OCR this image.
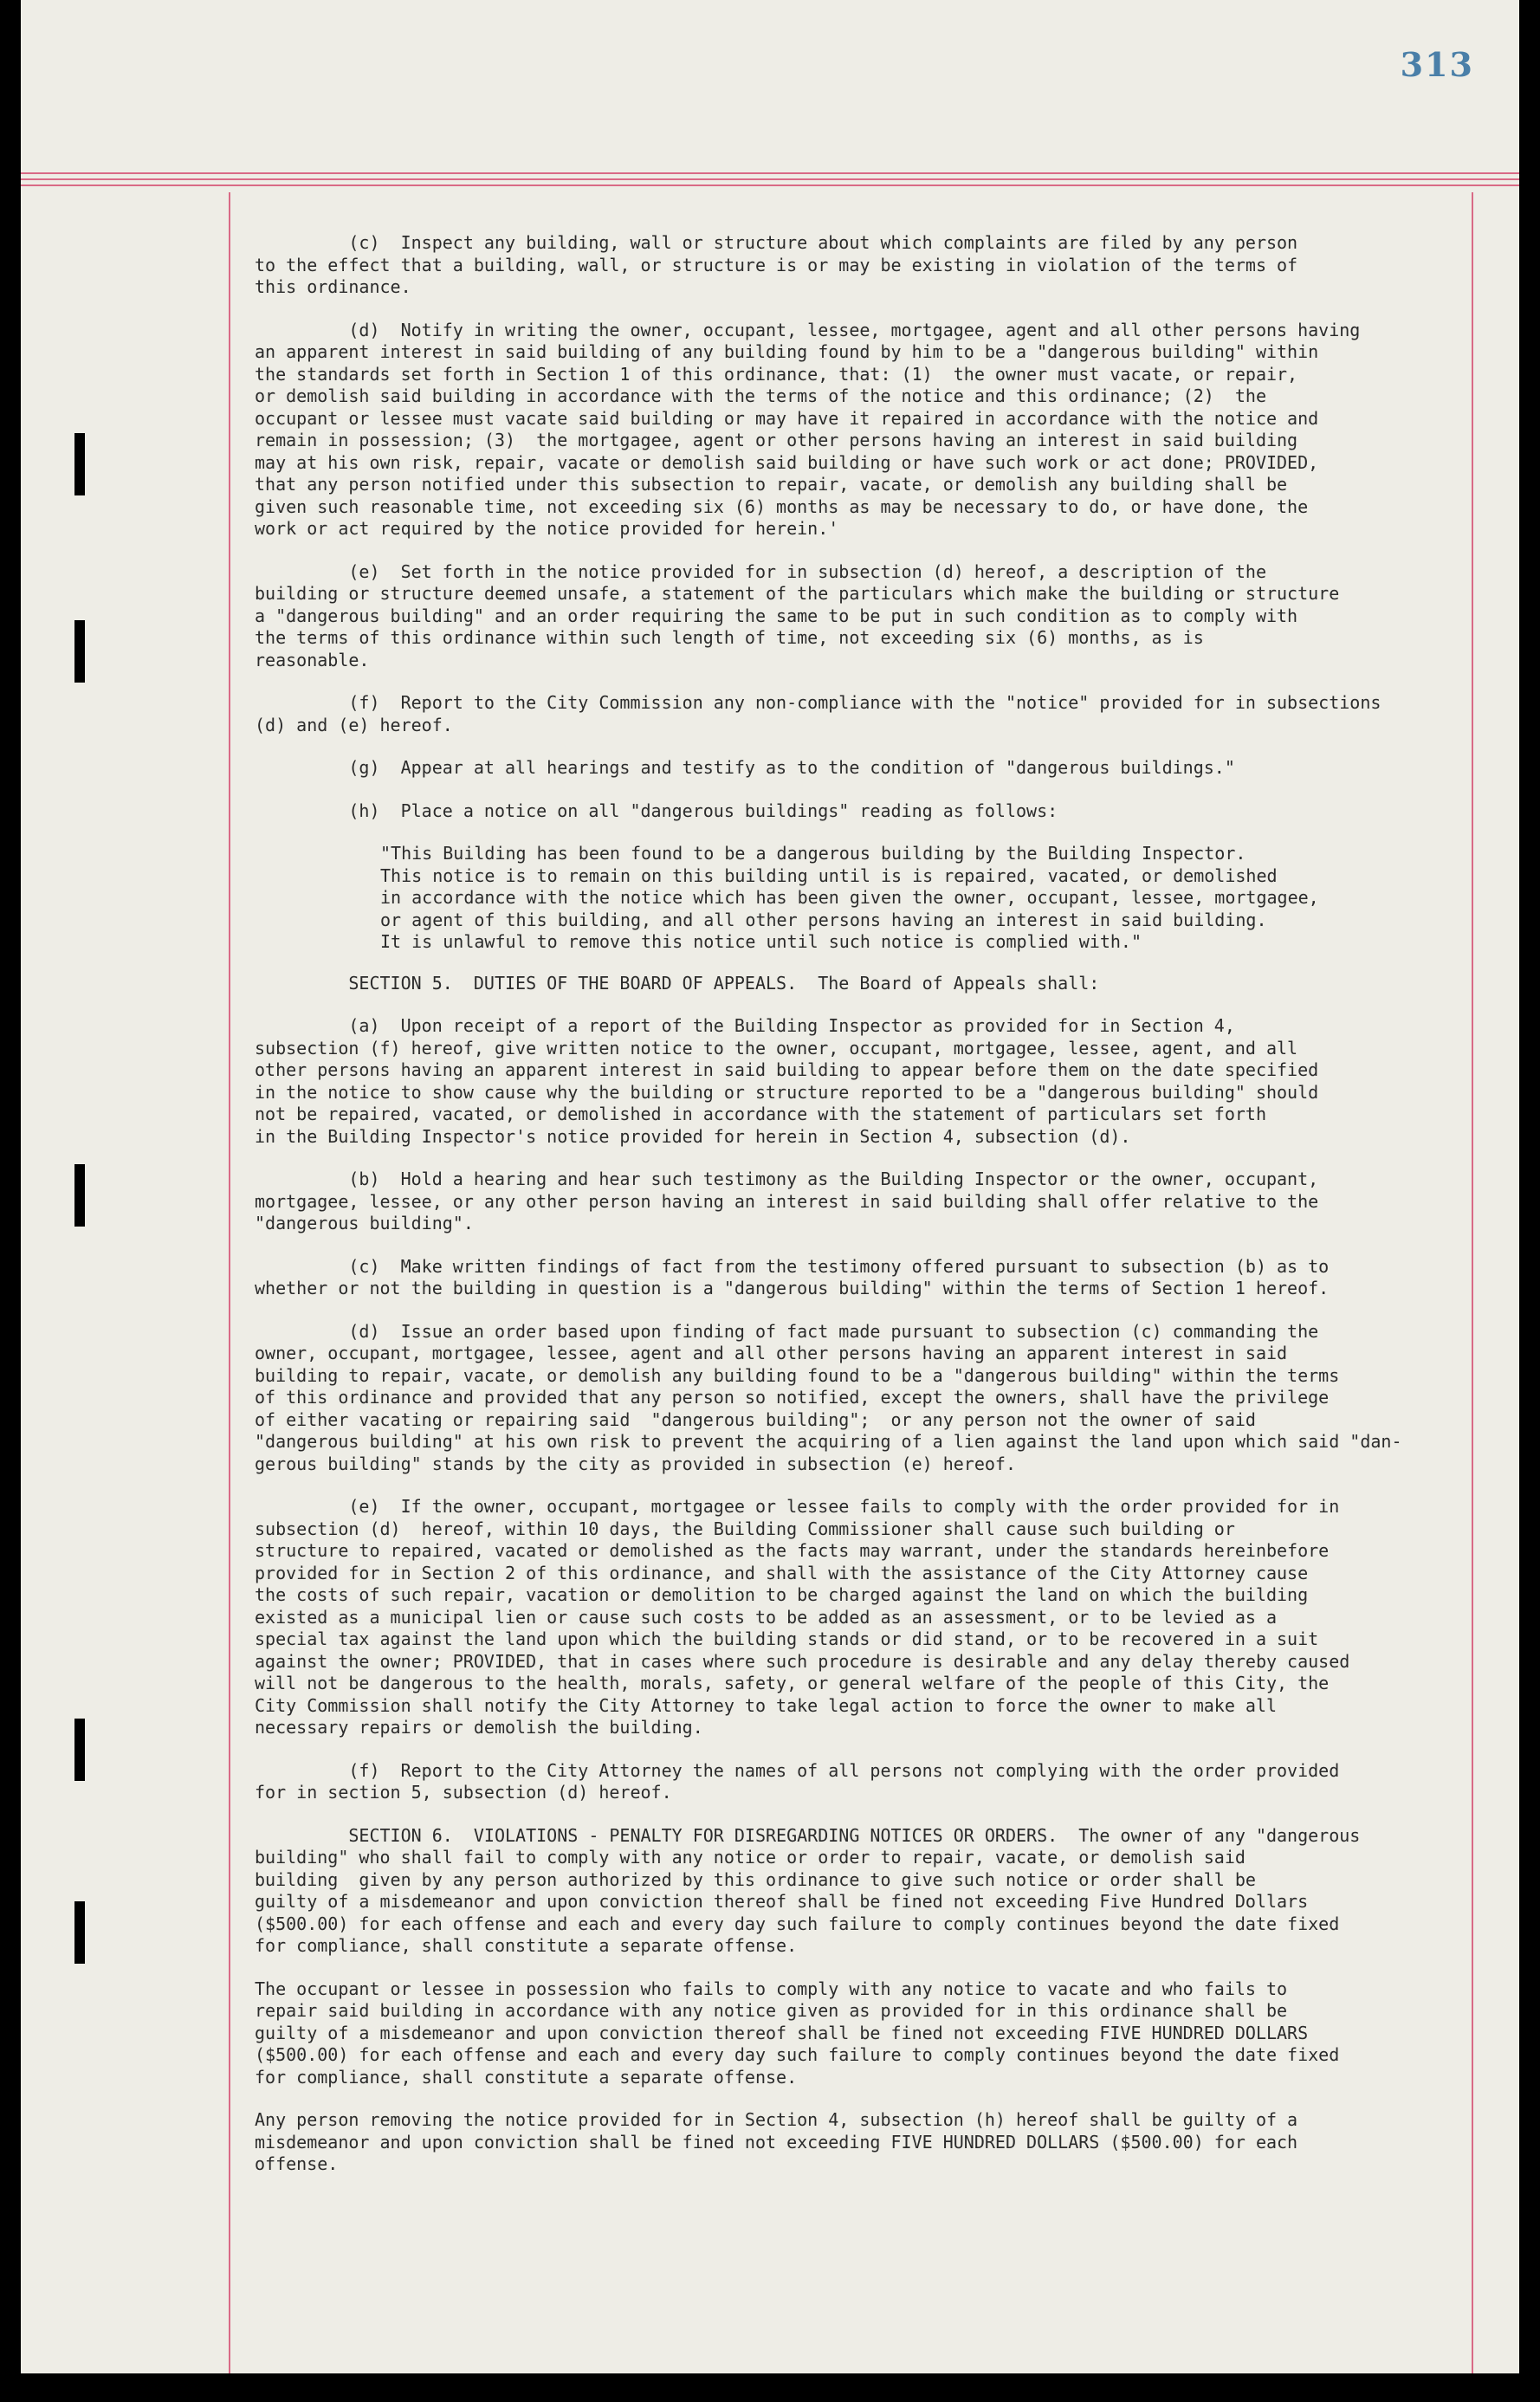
313

(c)  Inspect any building, wall or structure about which complaints are filed by any person
to the effect that a building, wall, or structure is or may be existing in violation of the terms of
this ordinance.

(d)  Notify in writing the owner, occupant, lessee, mortgagee, agent and all other persons having
an apparent interest in said building of any building found by him to be a "dangerous building" within
the standards set forth in Section 1 of this ordinance, that: (1)  the owner must vacate, or repair,
or demolish said building in accordance with the terms of the notice and this ordinance; (2)  the
occupant or lessee must vacate said building or may have it repaired in accordance with the notice and
remain in possession; (3)  the mortgagee, agent or other persons having an interest in said building
may at his own risk, repair, vacate or demolish said building or have such work or act done; PROVIDED,
that any person notified under this subsection to repair, vacate, or demolish any building shall be
given such reasonable time, not exceeding six (6) months as may be necessary to do, or have done, the
work or act required by the notice provided for herein.'

(e)  Set forth in the notice provided for in subsection (d) hereof, a description of the
building or structure deemed unsafe, a statement of the particulars which make the building or structure
a "dangerous building" and an order requiring the same to be put in such condition as to comply with
the terms of this ordinance within such length of time, not exceeding six (6) months, as is
reasonable.

(f)  Report to the City Commission any non-compliance with the "notice" provided for in subsections
(d) and (e) hereof.

(g)  Appear at all hearings and testify as to the condition of "dangerous buildings."

(h)  Place a notice on all "dangerous buildings" reading as follows:

"This Building has been found to be a dangerous building by the Building Inspector.
This notice is to remain on this building until is is repaired, vacated, or demolished
in accordance with the notice which has been given the owner, occupant, lessee, mortgagee,
or agent of this building, and all other persons having an interest in said building.
It is unlawful to remove this notice until such notice is complied with."

SECTION 5.  DUTIES OF THE BOARD OF APPEALS.  The Board of Appeals shall:

(a)  Upon receipt of a report of the Building Inspector as provided for in Section 4,
subsection (f) hereof, give written notice to the owner, occupant, mortgagee, lessee, agent, and all
other persons having an apparent interest in said building to appear before them on the date specified
in the notice to show cause why the building or structure reported to be a "dangerous building" should
not be repaired, vacated, or demolished in accordance with the statement of particulars set forth
in the Building Inspector's notice provided for herein in Section 4, subsection (d).

(b)  Hold a hearing and hear such testimony as the Building Inspector or the owner, occupant,
mortgagee, lessee, or any other person having an interest in said building shall offer relative to the
"dangerous building".

(c)  Make written findings of fact from the testimony offered pursuant to subsection (b) as to
whether or not the building in question is a "dangerous building" within the terms of Section 1 hereof.

(d)  Issue an order based upon finding of fact made pursuant to subsection (c) commanding the
owner, occupant, mortgagee, lessee, agent and all other persons having an apparent interest in said
building to repair, vacate, or demolish any building found to be a "dangerous building" within the terms
of this ordinance and provided that any person so notified, except the owners, shall have the privilege
of either vacating or repairing said  "dangerous building";  or any person not the owner of said
"dangerous building" at his own risk to prevent the acquiring of a lien against the land upon which said "dan-
gerous building" stands by the city as provided in subsection (e) hereof.

(e)  If the owner, occupant, mortgagee or lessee fails to comply with the order provided for in
subsection (d)  hereof, within 10 days, the Building Commissioner shall cause such building or
structure to repaired, vacated or demolished as the facts may warrant, under the standards hereinbefore
provided for in Section 2 of this ordinance, and shall with the assistance of the City Attorney cause
the costs of such repair, vacation or demolition to be charged against the land on which the building
existed as a municipal lien or cause such costs to be added as an assessment, or to be levied as a
special tax against the land upon which the building stands or did stand, or to be recovered in a suit
against the owner; PROVIDED, that in cases where such procedure is desirable and any delay thereby caused
will not be dangerous to the health, morals, safety, or general welfare of the people of this City, the
City Commission shall notify the City Attorney to take legal action to force the owner to make all
necessary repairs or demolish the building.

(f)  Report to the City Attorney the names of all persons not complying with the order provided
for in section 5, subsection (d) hereof.

SECTION 6.  VIOLATIONS - PENALTY FOR DISREGARDING NOTICES OR ORDERS.  The owner of any "dangerous
building" who shall fail to comply with any notice or order to repair, vacate, or demolish said
building  given by any person authorized by this ordinance to give such notice or order shall be
guilty of a misdemeanor and upon conviction thereof shall be fined not exceeding Five Hundred Dollars
($500.00) for each offense and each and every day such failure to comply continues beyond the date fixed
for compliance, shall constitute a separate offense.

The occupant or lessee in possession who fails to comply with any notice to vacate and who fails to
repair said building in accordance with any notice given as provided for in this ordinance shall be
guilty of a misdemeanor and upon conviction thereof shall be fined not exceeding FIVE HUNDRED DOLLARS
($500.00) for each offense and each and every day such failure to comply continues beyond the date fixed
for compliance, shall constitute a separate offense.

Any person removing the notice provided for in Section 4, subsection (h) hereof shall be guilty of a
misdemeanor and upon conviction shall be fined not exceeding FIVE HUNDRED DOLLARS ($500.00) for each
offense.
